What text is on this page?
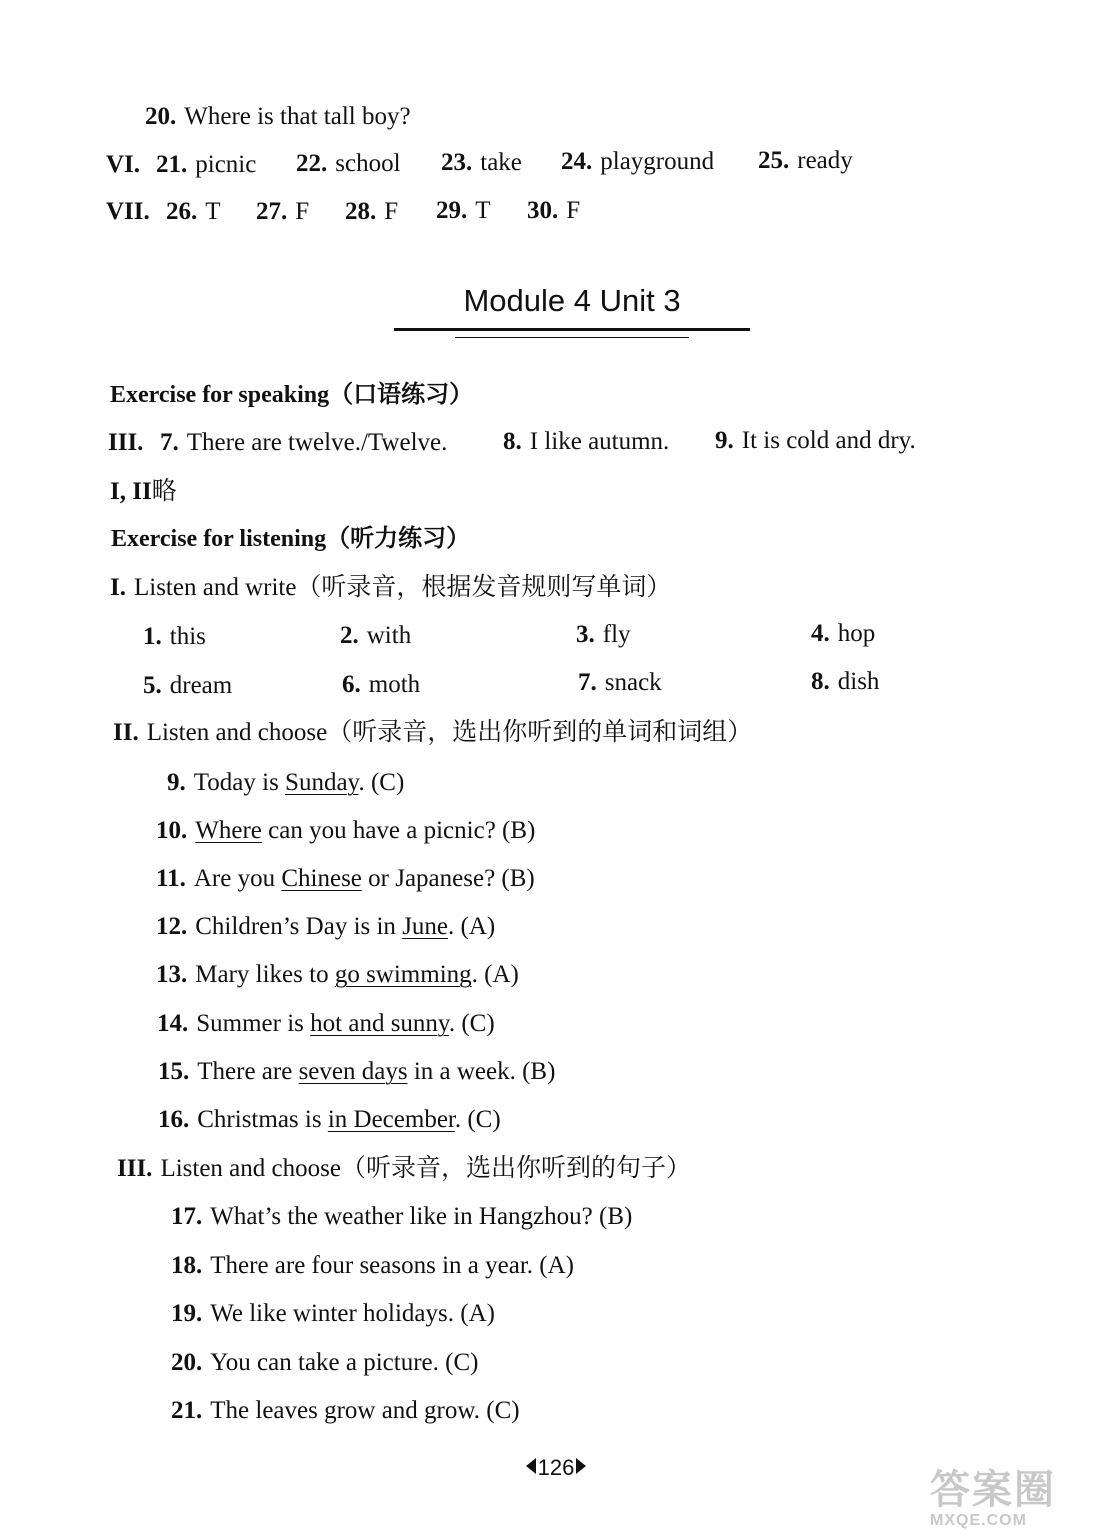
20. Where is that tall boy?
VI. 21. picnic 22. school 23. take 24. playground 25. ready
VII. 26. T 27. F 28. F 29. T 30. F
Module 4 Unit 3
Exercise for speaking（口语练习）
III. 7. There are twelve./Twelve. 8. I like autumn. 9. It is cold and dry.
I, II略
Exercise for listening（听力练习）
I. Listen and write（听录音，根据发音规则写单词）
1. this	2. with	3. fly	4. hop
5. dream	6. moth	7. snack	8. dish
II. Listen and choose（听录音，选出你听到的单词和词组）
9. Today is Sunday. (C)
10. Where can you have a picnic? (B)
11. Are you Chinese or Japanese? (B)
12. Children’s Day is in June. (A)
13. Mary likes to go swimming. (A)
14. Summer is hot and sunny. (C)
15. There are seven days in a week. (B)
16. Christmas is in December. (C)
III. Listen and choose（听录音，选出你听到的句子）
17. What’s the weather like in Hangzhou? (B)
18. There are four seasons in a year. (A)
19. We like winter holidays. (A)
20. You can take a picture. (C)
21. The leaves grow and grow. (C)
126
答案圈
MXQE.COM
